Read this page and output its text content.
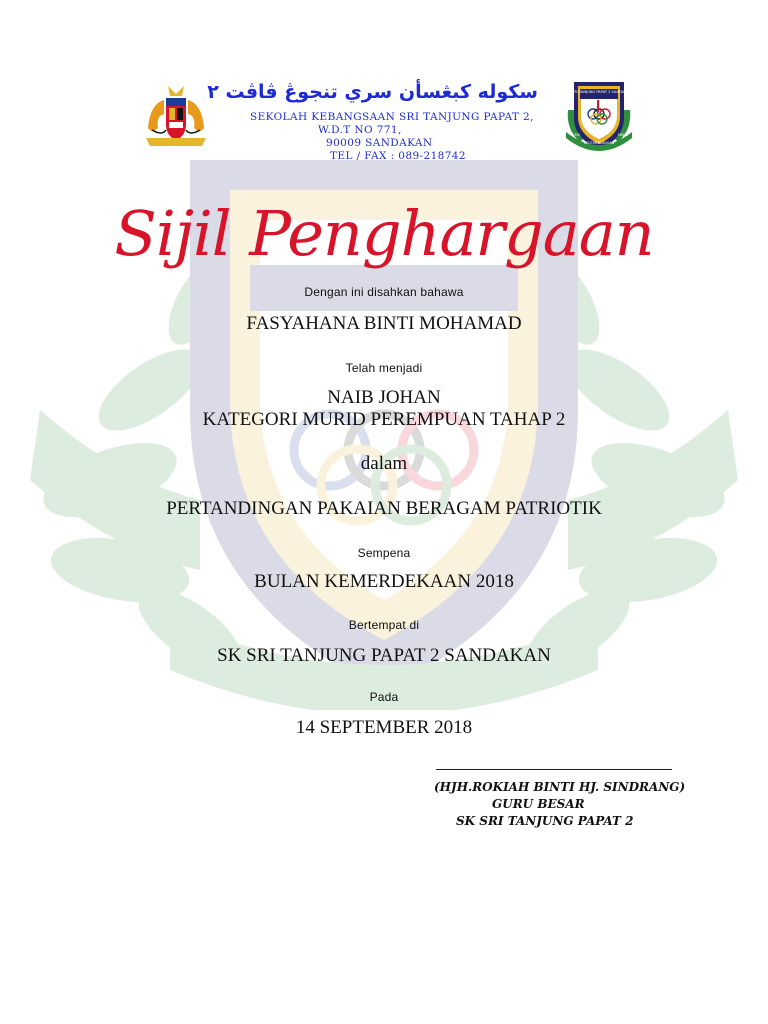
سكوله كبڠسأن سري تنجوڠ ڤاڤت ٢
SEKOLAH KEBANGSAAN SRI TANJUNG PAPAT 2,
W.D.T NO 771,
90009 SANDAKAN
TEL / FAX : 089-218742
SK SRI TANJUNG PAPAT 2 SANDAKAN
ILMU
KECEMERLANGAN
HIDUP
Sijil Penghargaan
Dengan ini disahkan bahawa
FASYAHANA BINTI MOHAMAD
Telah menjadi
NAIB JOHAN
KATEGORI MURID PEREMPUAN TAHAP 2
dalam
PERTANDINGAN PAKAIAN BERAGAM PATRIOTIK
Sempena
BULAN KEMERDEKAAN 2018
Bertempat di
SK SRI TANJUNG PAPAT 2 SANDAKAN
Pada
14 SEPTEMBER 2018
(HJH.ROKIAH BINTI HJ. SINDRANG)
GURU BESAR
SK SRI TANJUNG PAPAT 2
